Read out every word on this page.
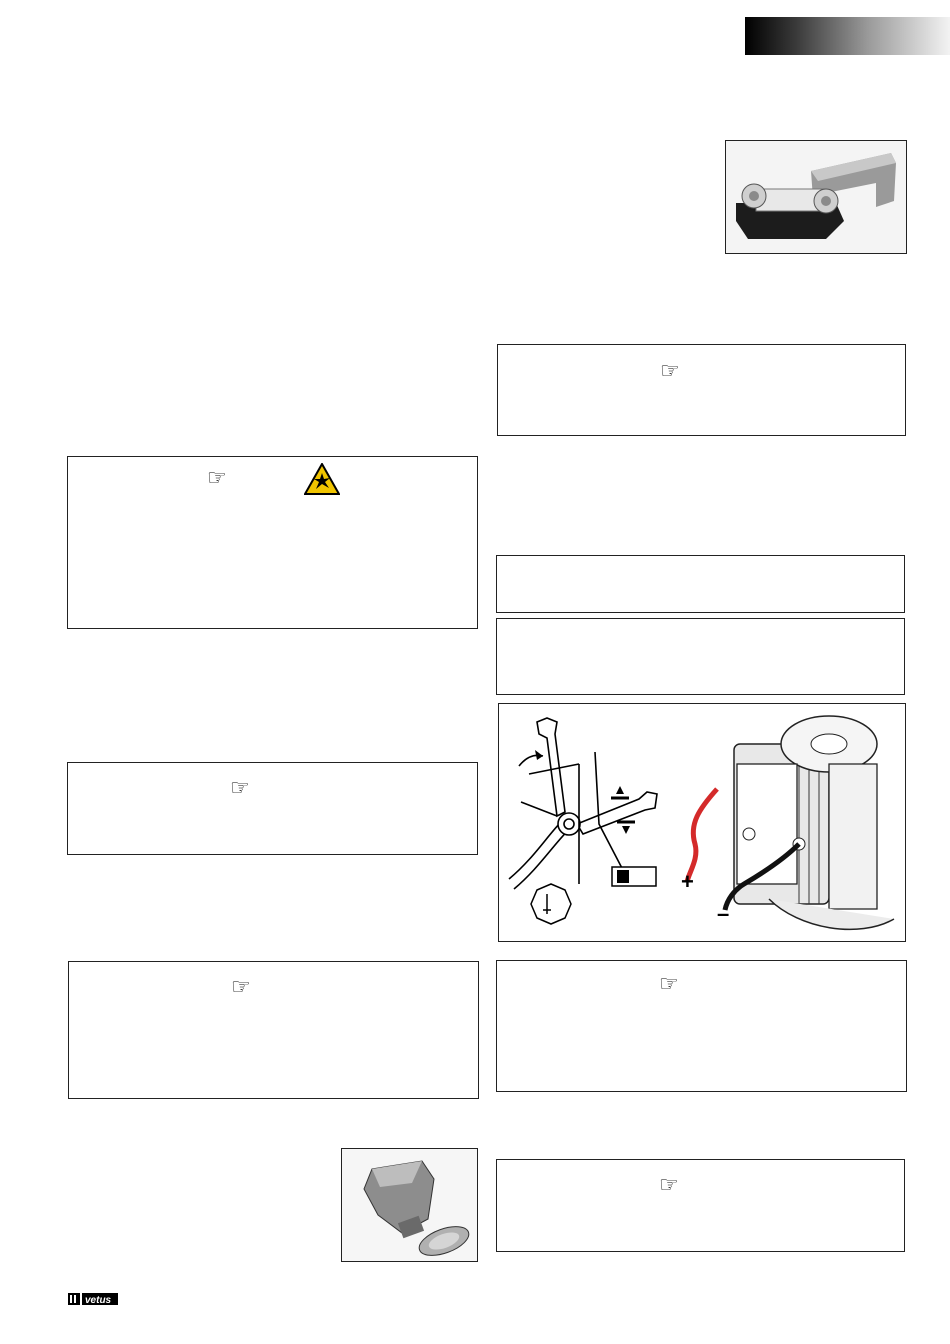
☞
☞
☞
+
–
☞	☞
☞
vetus
